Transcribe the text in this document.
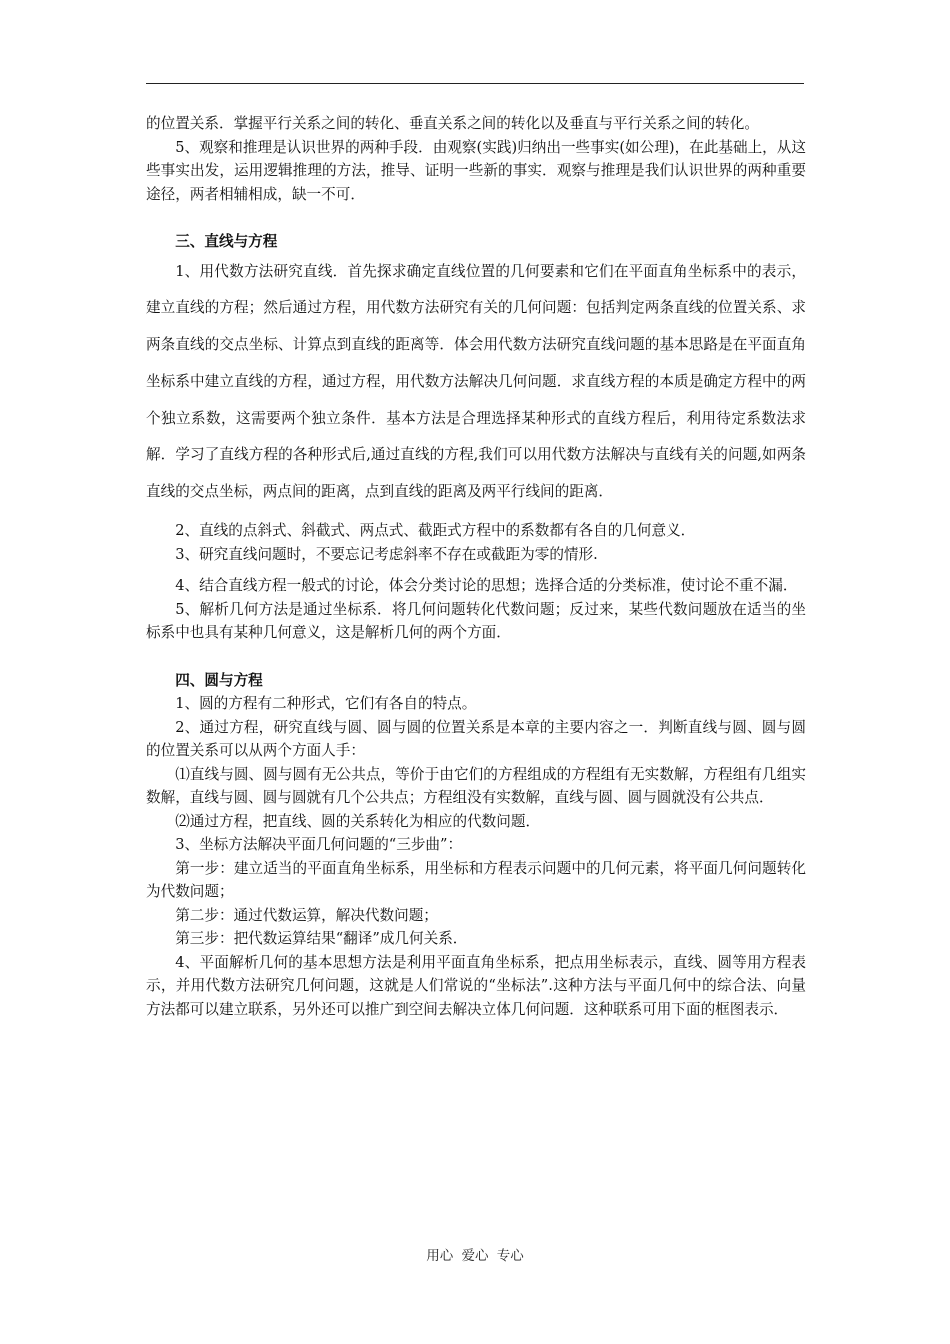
的位置关系．掌握平行关系之间的转化、垂直关系之间的转化以及垂直与平行关系之间的转化。

5、观察和推理是认识世界的两种手段．由观察(实践)归纳出一些事实(如公理)，在此基础上，从这些事实出发，运用逻辑推理的方法，推导、证明一些新的事实．观察与推理是我们认识世界的两种重要途径，两者相辅相成，缺一不可．

三、直线与方程

1、用代数方法研究直线．首先探求确定直线位置的几何要素和它们在平面直角坐标系中的表示，建立直线的方程；然后通过方程，用代数方法研究有关的几何问题：包括判定两条直线的位置关系、求两条直线的交点坐标、计算点到直线的距离等．体会用代数方法研究直线问题的基本思路是在平面直角坐标系中建立直线的方程，通过方程，用代数方法解决几何问题．求直线方程的本质是确定方程中的两个独立系数，这需要两个独立条件．基本方法是合理选择某种形式的直线方程后，利用待定系数法求解．学习了直线方程的各种形式后,通过直线的方程,我们可以用代数方法解决与直线有关的问题,如两条直线的交点坐标，两点间的距离，点到直线的距离及两平行线间的距离．

2、直线的点斜式、斜截式、两点式、截距式方程中的系数都有各自的几何意义．

3、研究直线问题时，不要忘记考虑斜率不存在或截距为零的情形.

4、结合直线方程一般式的讨论，体会分类讨论的思想；选择合适的分类标准，使讨论不重不漏．

5、解析几何方法是通过坐标系．将几何问题转化代数问题；反过来，某些代数问题放在适当的坐标系中也具有某种几何意义，这是解析几何的两个方面．

四、圆与方程

1、圆的方程有二种形式，它们有各自的特点。

2、通过方程，研究直线与圆、圆与圆的位置关系是本章的主要内容之一．判断直线与圆、圆与圆的位置关系可以从两个方面人手：

⑴直线与圆、圆与圆有无公共点，等价于由它们的方程组成的方程组有无实数解，方程组有几组实数解，直线与圆、圆与圆就有几个公共点；方程组没有实数解，直线与圆、圆与圆就没有公共点．

⑵通过方程，把直线、圆的关系转化为相应的代数问题．

3、坐标方法解决平面几何问题的“三步曲”：

第一步：建立适当的平面直角坐标系，用坐标和方程表示问题中的几何元素，将平面几何问题转化为代数问题；

第二步：通过代数运算，解决代数问题；

第三步：把代数运算结果“翻译”成几何关系．

4、平面解析几何的基本思想方法是利用平面直角坐标系，把点用坐标表示，直线、圆等用方程表示，并用代数方法研究几何问题，这就是人们常说的“坐标法”.这种方法与平面几何中的综合法、向量方法都可以建立联系，另外还可以推广到空间去解决立体几何问题．这种联系可用下面的框图表示．

用心 爱心 专心
